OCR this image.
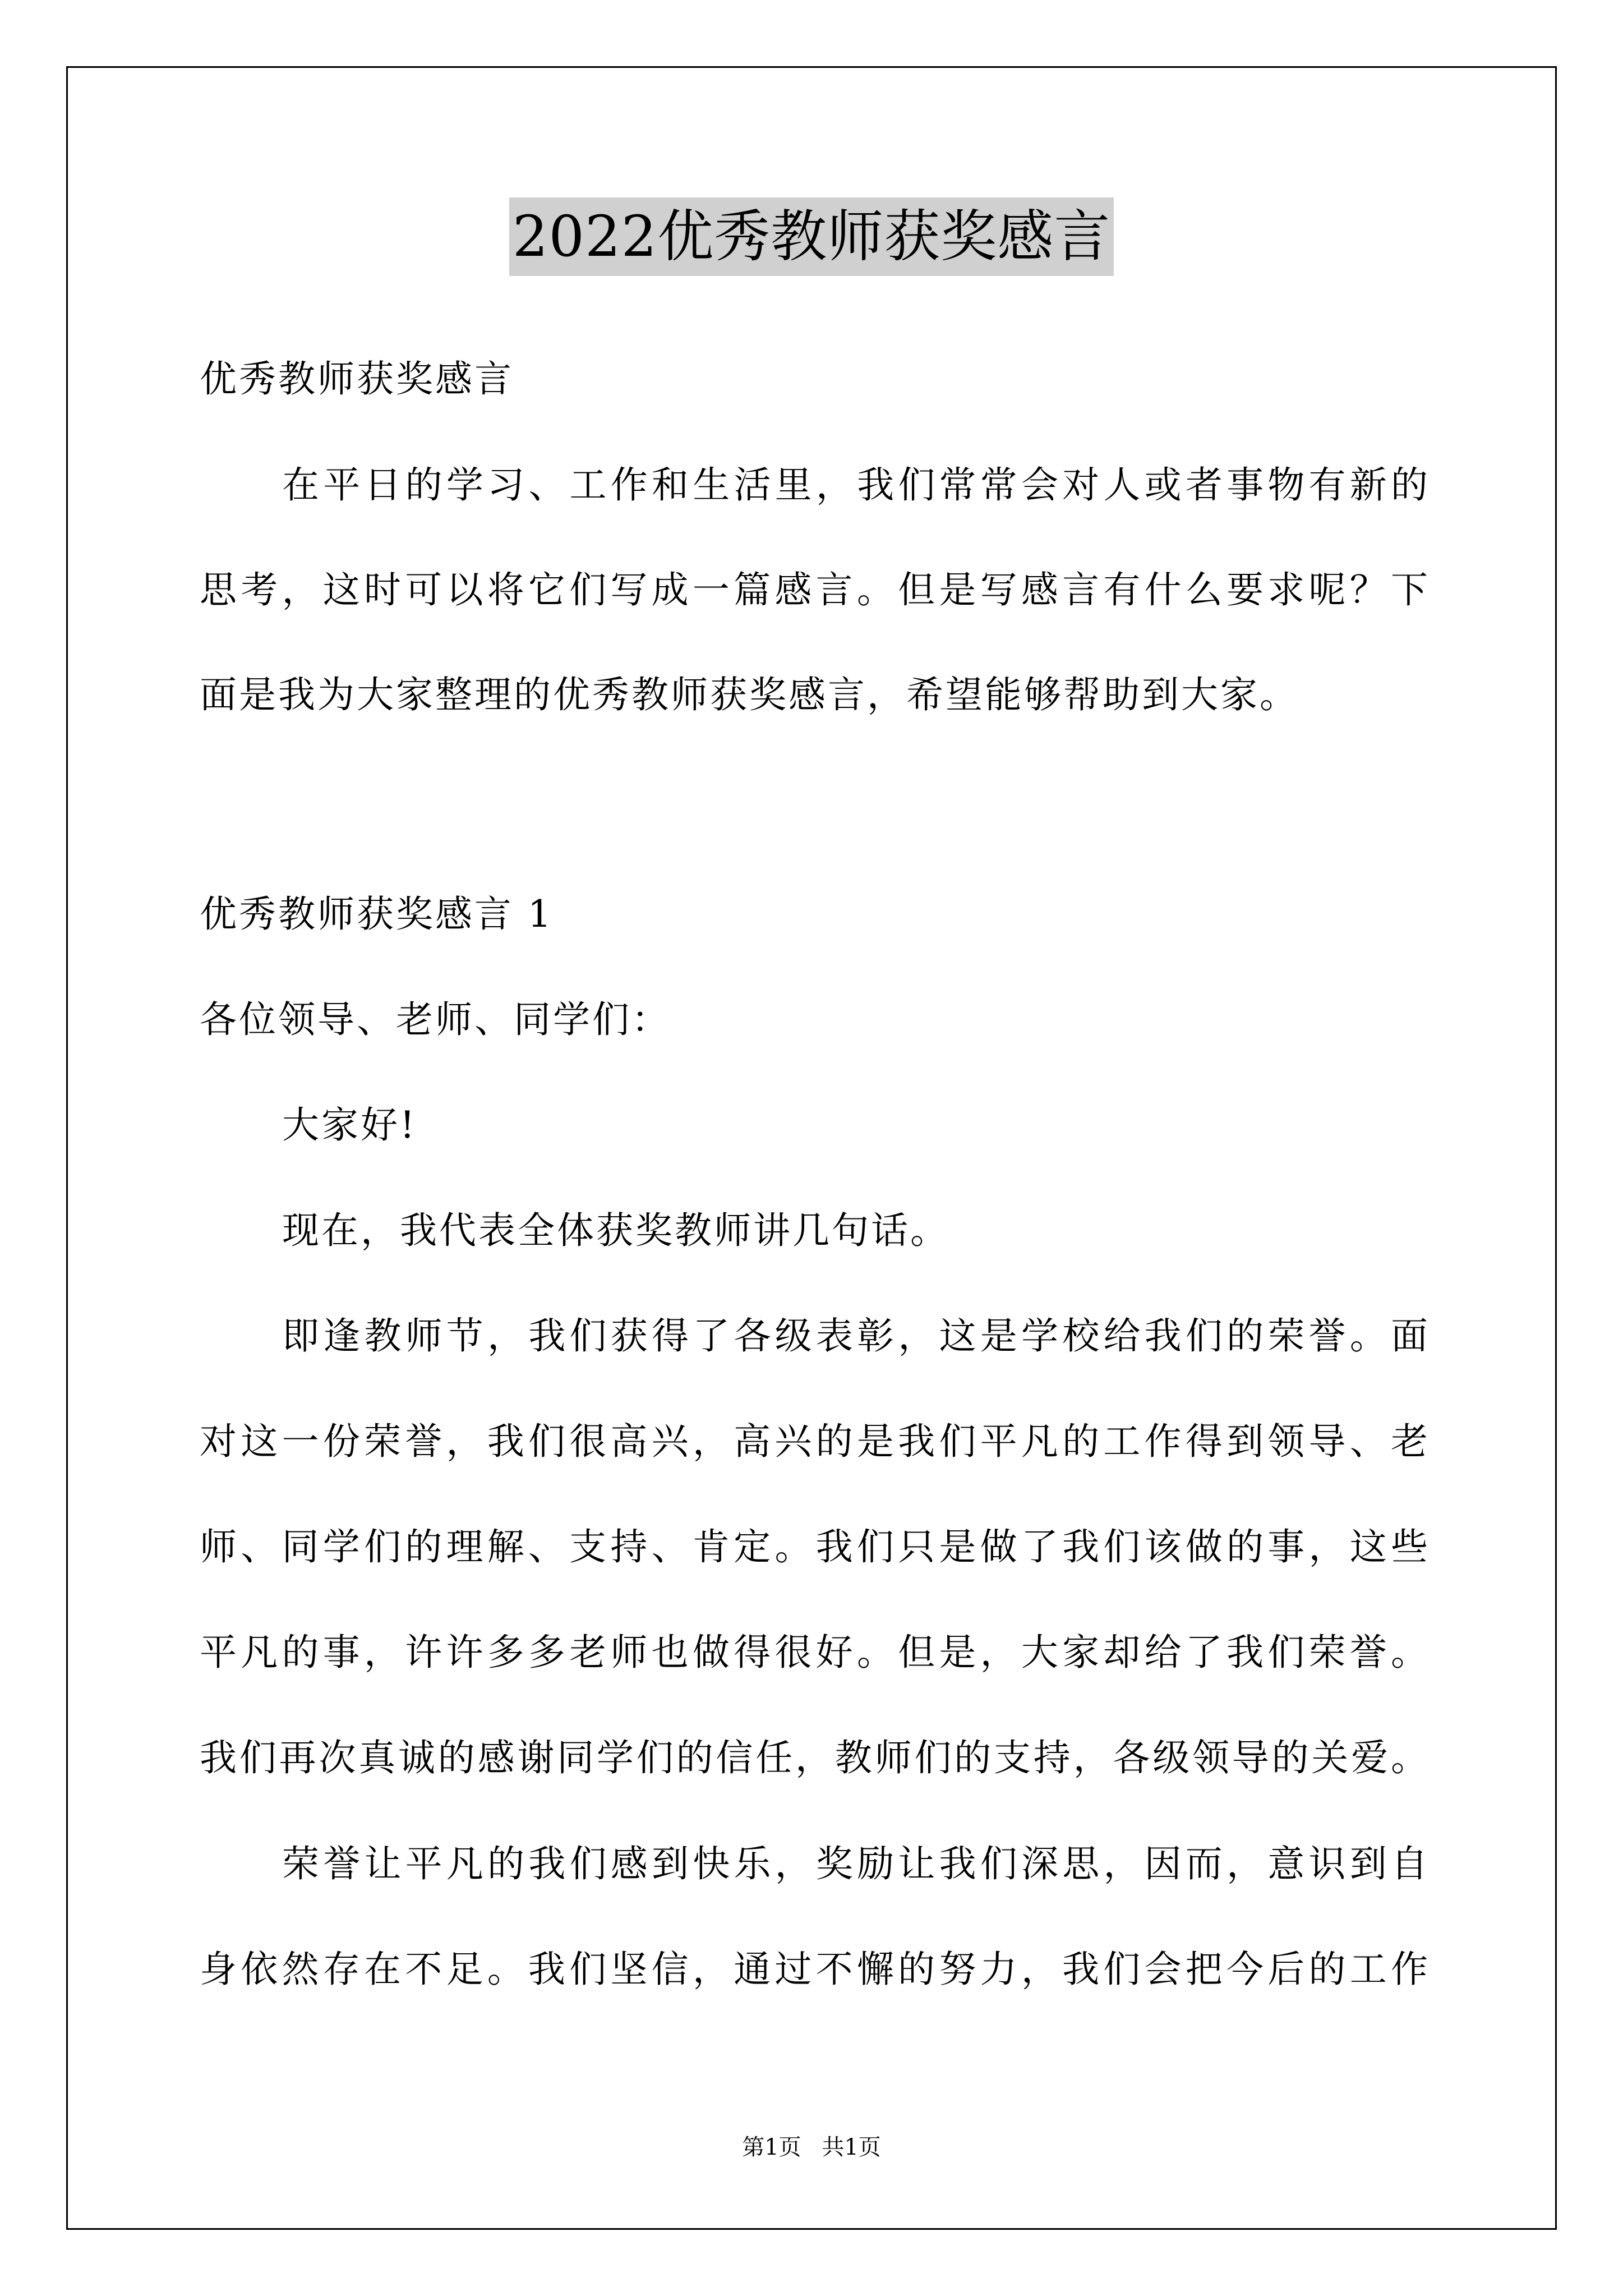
2022优秀教师获奖感言
优秀教师获奖感言
在平日的学习、工作和生活里，我们常常会对人或者事物有新的
思考，这时可以将它们写成一篇感言。但是写感言有什么要求呢？下
面是我为大家整理的优秀教师获奖感言，希望能够帮助到大家。
优秀教师获奖感言 1
各位领导、老师、同学们：
大家好!
现在，我代表全体获奖教师讲几句话。
即逢教师节，我们获得了各级表彰，这是学校给我们的荣誉。面
对这一份荣誉，我们很高兴，高兴的是我们平凡的工作得到领导、老
师、同学们的理解、支持、肯定。我们只是做了我们该做的事，这些
平凡的事，许许多多老师也做得很好。但是，大家却给了我们荣誉。
我们再次真诚的感谢同学们的信任，教师们的支持，各级领导的关爱。
荣誉让平凡的我们感到快乐，奖励让我们深思，因而，意识到自
身依然存在不足。我们坚信，通过不懈的努力，我们会把今后的工作
第1页 共1页
